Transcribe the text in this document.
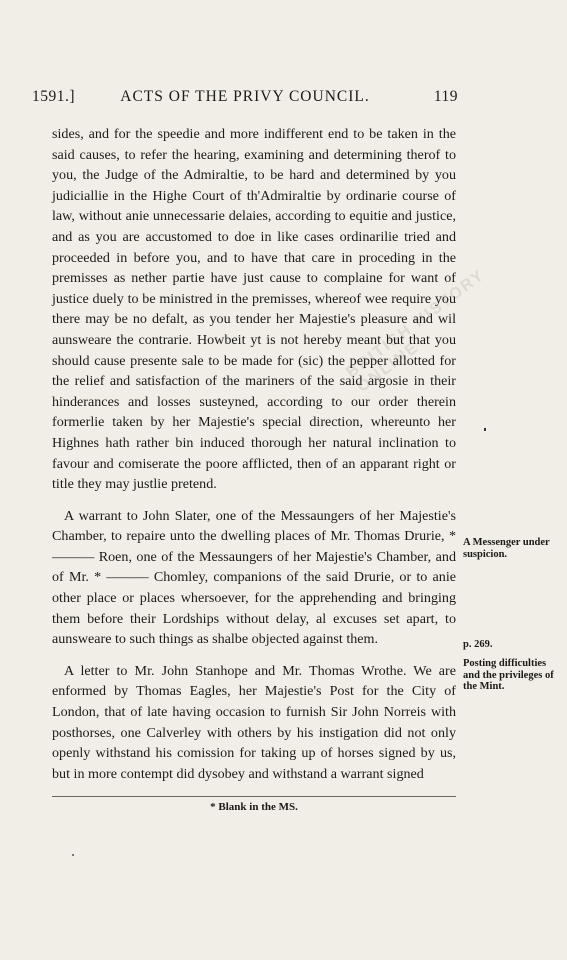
BRITISH HISTORY ONLINE
1591.]	ACTS OF THE PRIVY COUNCIL.	119

sides, and for the speedie and more indifferent end to be taken in the said causes, to refer the hearing, examining and determining therof to you, the Judge of the Admiraltie, to be hard and determined by you judiciallie in the Highe Court of th'Admiraltie by ordinarie course of law, without anie unnecessarie delaies, according to equitie and justice, and as you are accustomed to doe in like cases ordinarilie tried and proceeded in before you, and to have that care in proceding in the premisses as nether partie have just cause to complaine for want of justice duely to be ministred in the premisses, whereof wee require you there may be no defalt, as you tender her Majestie's pleasure and wil aunsweare the contrarie. Howbeit yt is not hereby meant but that you should cause presente sale to be made for (sic) the pepper allotted for the relief and satisfaction of the mariners of the said argosie in their hinderances and losses susteyned, according to our order therein formerlie taken by her Majestie's special direction, whereunto her Highnes hath rather bin induced thorough her natural inclination to favour and comiserate the poore afflicted, then of an apparant right or title they may justlie pretend.

A warrant to John Slater, one of the Messaungers of her Majestie's Chamber, to repaire unto the dwelling places of Mr. Thomas Drurie, *——— Roen, one of the Messaungers of her Majestie's Chamber, and of Mr. * ——— Chomley, companions of the said Drurie, or to anie other place or places whersoever, for the apprehending and bringing them before their Lordships without delay, al excuses set apart, to aunsweare to such things as shalbe objected against them.

A letter to Mr. John Stanhope and Mr. Thomas Wrothe. We are enformed by Thomas Eagles, her Majestie's Post for the City of London, that of late having occasion to furnish Sir John Norreis with posthorses, one Calverley with others by his instigation did not only openly withstand his comission for taking up of horses signed by us, but in more contempt did dysobey and withstand a warrant signed

A Messenger under suspicion.
p. 269.
Posting difficulties and the privileges of the Mint.
* Blank in the MS.
